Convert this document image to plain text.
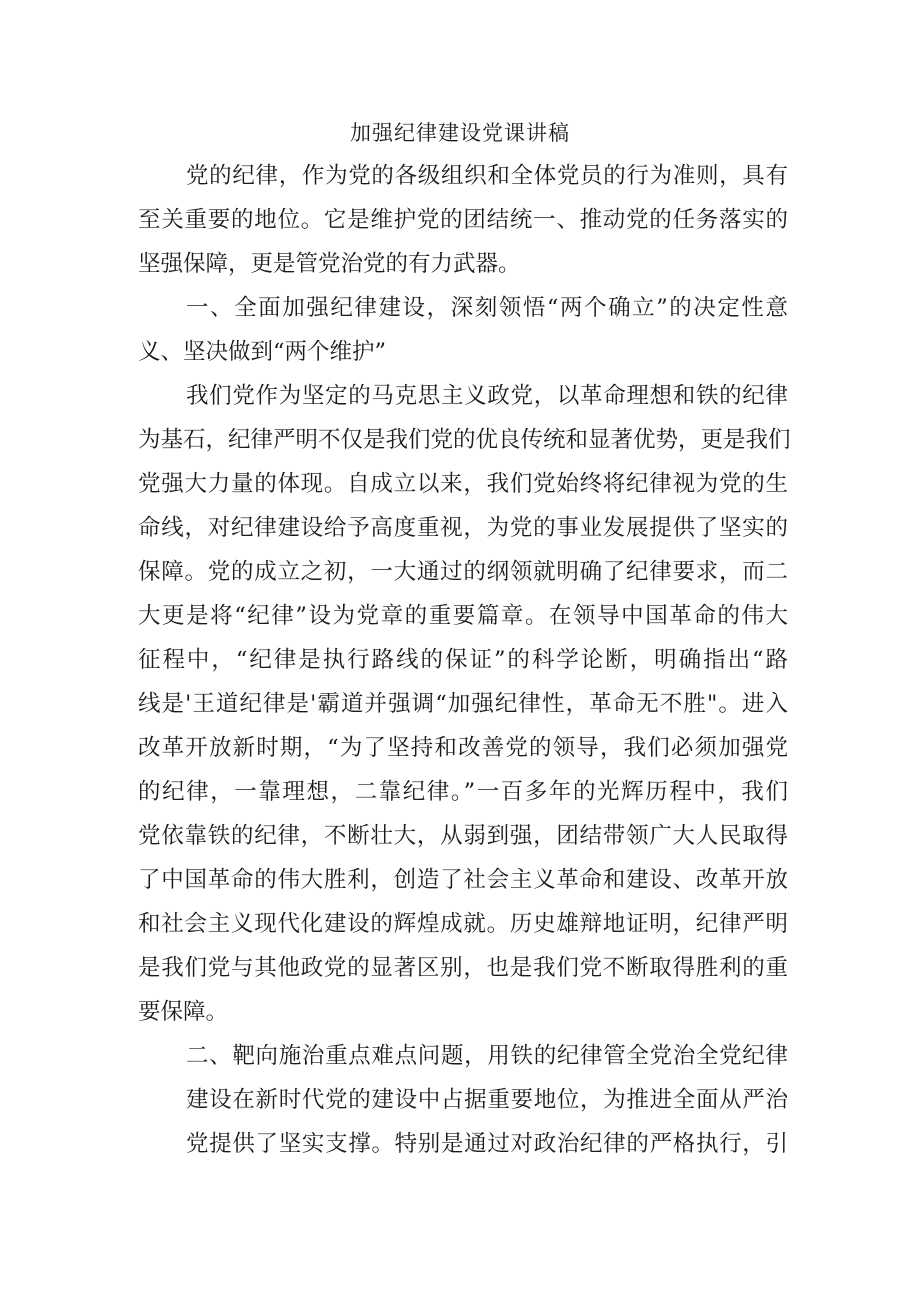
加强纪律建设党课讲稿
党的纪律，作为党的各级组织和全体党员的行为准则，具有
至关重要的地位。它是维护党的团结统一、推动党的任务落实的
坚强保障，更是管党治党的有力武器。
一、全面加强纪律建设，深刻领悟“两个确立”的决定性意
义、坚决做到“两个维护”
我们党作为坚定的马克思主义政党，以革命理想和铁的纪律
为基石，纪律严明不仅是我们党的优良传统和显著优势，更是我们
党强大力量的体现。自成立以来，我们党始终将纪律视为党的生
命线，对纪律建设给予高度重视，为党的事业发展提供了坚实的
保障。党的成立之初，一大通过的纲领就明确了纪律要求，而二
大更是将“纪律”设为党章的重要篇章。在领导中国革命的伟大
征程中，“纪律是执行路线的保证”的科学论断，明确指出“路
线是'王道纪律是'霸道并强调“加强纪律性，革命无不胜"。进入
改革开放新时期，“为了坚持和改善党的领导，我们必须加强党
的纪律，一靠理想，二靠纪律。”一百多年的光辉历程中，我们
党依靠铁的纪律，不断壮大，从弱到强，团结带领广大人民取得
了中国革命的伟大胜利，创造了社会主义革命和建设、改革开放
和社会主义现代化建设的辉煌成就。历史雄辩地证明，纪律严明
是我们党与其他政党的显著区别，也是我们党不断取得胜利的重
要保障。
二、靶向施治重点难点问题，用铁的纪律管全党治全党纪律
建设在新时代党的建设中占据重要地位，为推进全面从严治
党提供了坚实支撑。特别是通过对政治纪律的严格执行，引
